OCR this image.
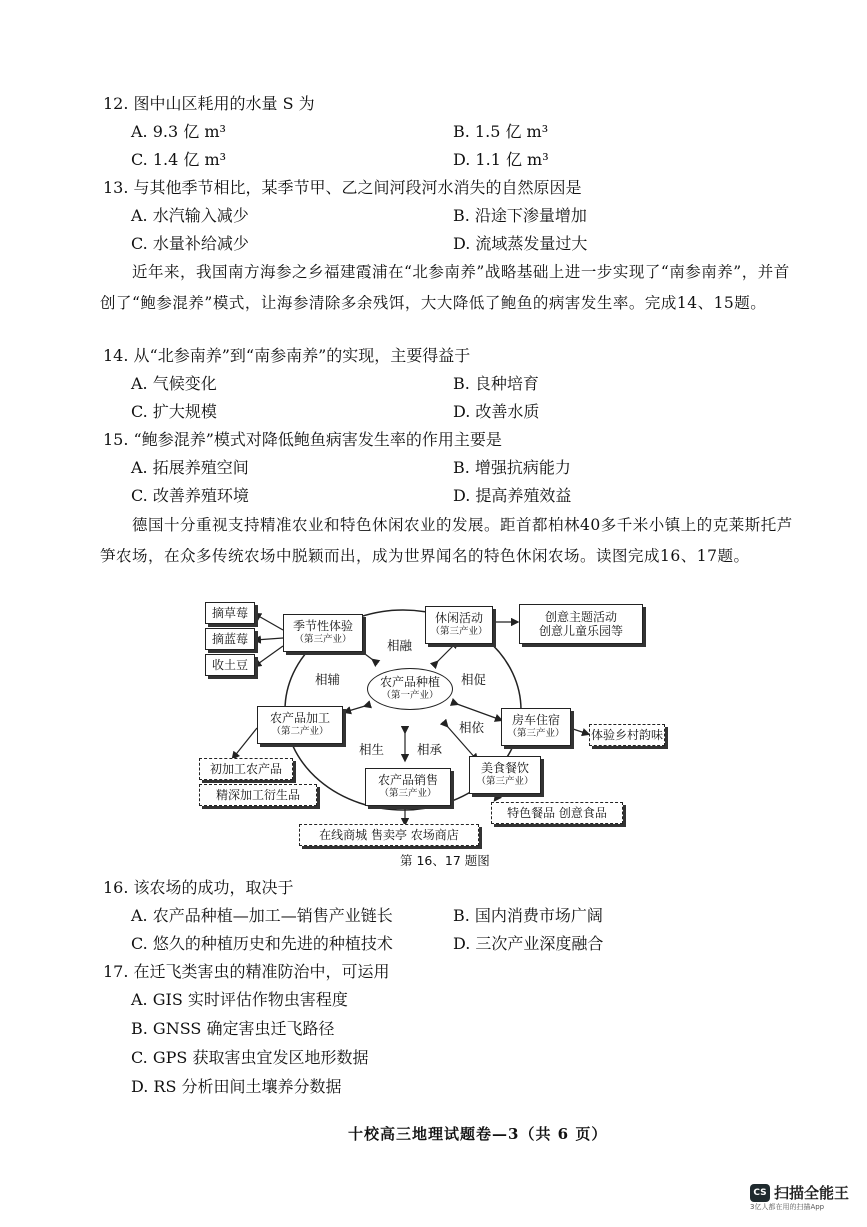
12. 图中山区耗用的水量 S 为
A. 9.3 亿 m³	B. 1.5 亿 m³
C. 1.4 亿 m³	D. 1.1 亿 m³
13. 与其他季节相比，某季节甲、乙之间河段河水消失的自然原因是
A. 水汽输入减少	B. 沿途下渗量增加
C. 水量补给减少	D. 流域蒸发量过大
近年来，我国南方海参之乡福建霞浦在“北参南养”战略基础上进一步实现了“南参南养”，并首创了“鲍参混养”模式，让海参清除多余残饵，大大降低了鲍鱼的病害发生率。完成14、15题。
14. 从“北参南养”到“南参南养”的实现，主要得益于
A. 气候变化	B. 良种培育
C. 扩大规模	D. 改善水质
15. “鲍参混养”模式对降低鲍鱼病害发生率的作用主要是
A. 拓展养殖空间	B. 增强抗病能力
C. 改善养殖环境	D. 提高养殖效益
德国十分重视支持精准农业和特色休闲农业的发展。距首都柏林40多千米小镇上的克莱斯托芦笋农场，在众多传统农场中脱颖而出，成为世界闻名的特色休闲农场。读图完成16、17题。
摘草莓
摘蓝莓
收土豆
季节性体验
（第三产业）
休闲活动
（第三产业）
创意主题活动
创意儿童乐园等
农产品种植
（第一产业）
农产品加工
（第二产业）
房车住宿
（第三产业） 体验乡村韵味
初加工农产品
精深加工衍生品
农产品销售
（第三产业）
美食餐饮
（第三产业）
在线商城 售卖亭 农场商店
特色餐品 创意食品
相辅
相融
相促
相生	相承
相依
第 16、17 题图
16. 该农场的成功，取决于
A. 农产品种植—加工—销售产业链长	B. 国内消费市场广阔
C. 悠久的种植历史和先进的种植技术	D. 三次产业深度融合
17. 在迁飞类害虫的精准防治中，可运用
A. GIS 实时评估作物虫害程度
B. GNSS 确定害虫迁飞路径
C. GPS 获取害虫宜发区地形数据
D. RS 分析田间土壤养分数据
十校高三地理试题卷—3（共 6 页）
CS 扫描全能王
3亿人都在用的扫描App
